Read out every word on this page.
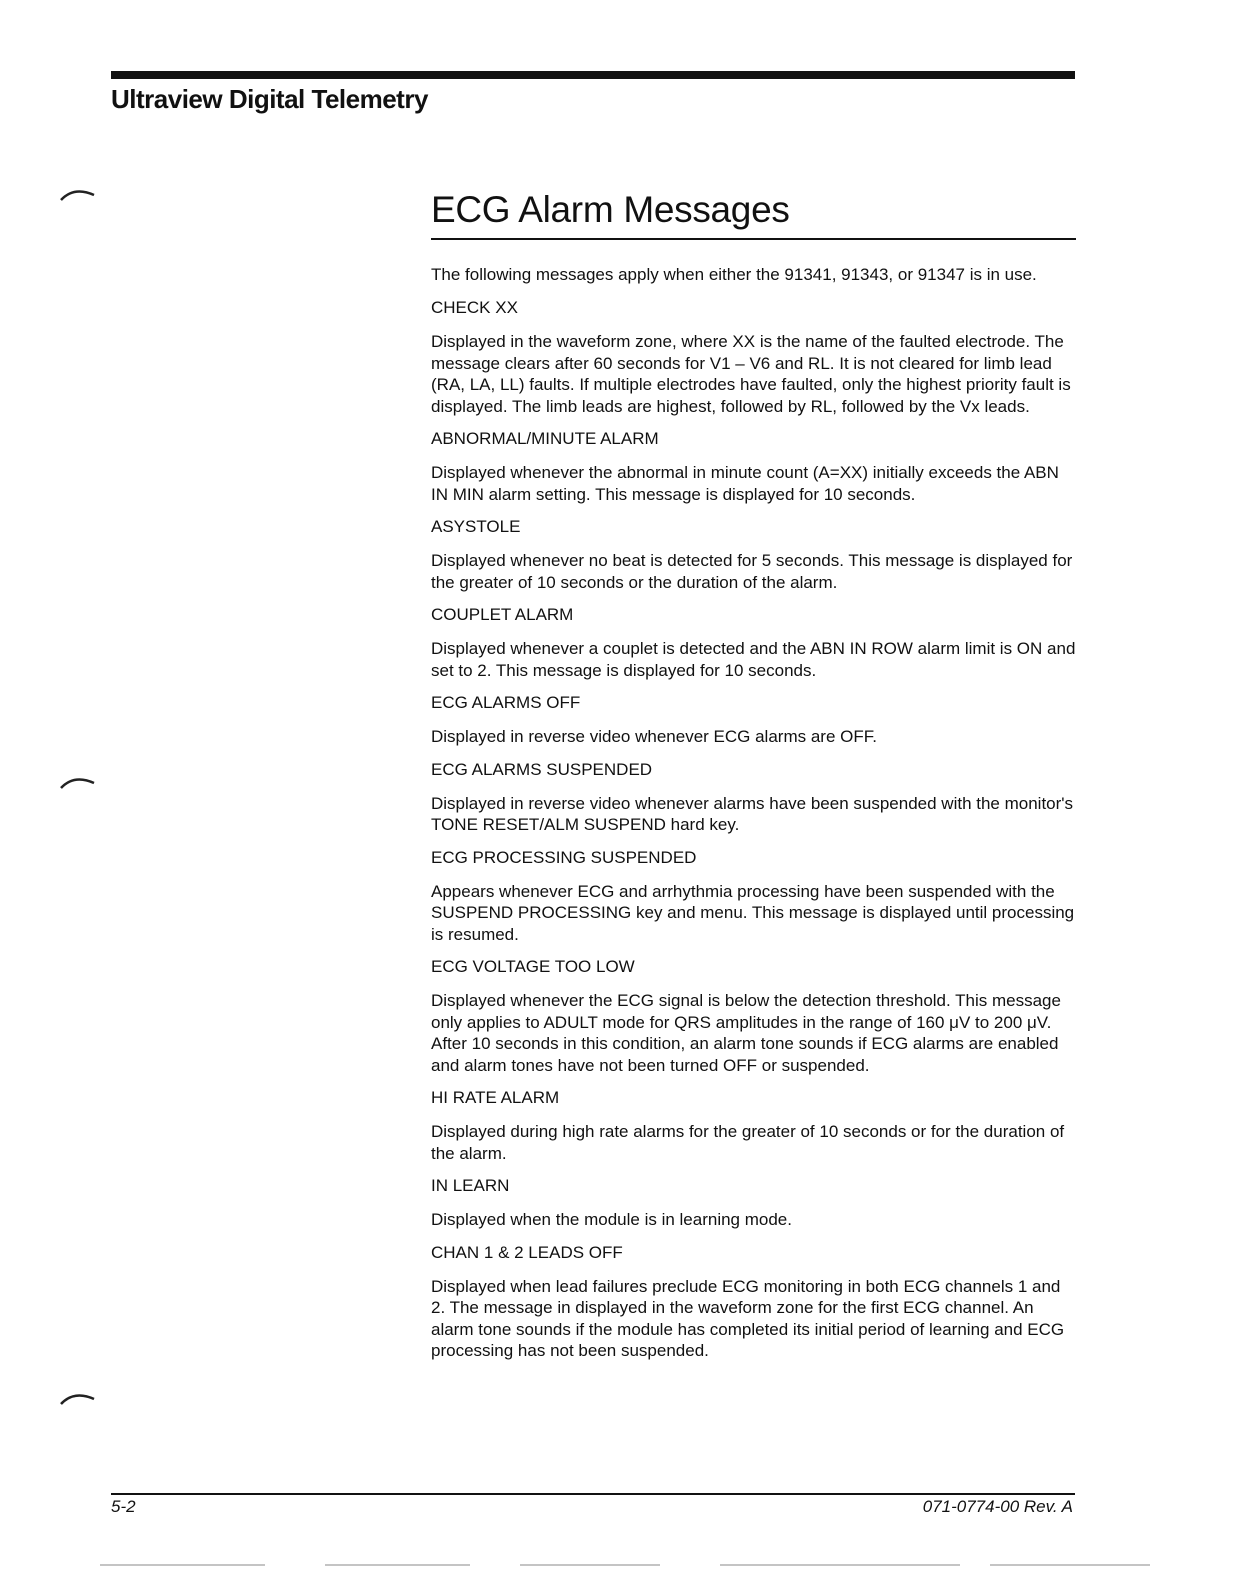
Ultraview Digital Telemetry
ECG Alarm Messages

The following messages apply when either the 91341, 91343, or 91347 is in use.

CHECK XX

Displayed in the waveform zone, where XX is the name of the faulted electrode. The message clears after 60 seconds for V1 – V6 and RL. It is not cleared for limb lead (RA, LA, LL) faults. If multiple electrodes have faulted, only the highest priority fault is displayed. The limb leads are highest, followed by RL, followed by the Vx leads.

ABNORMAL/MINUTE ALARM

Displayed whenever the abnormal in minute count (A=XX) initially exceeds the ABN IN MIN alarm setting. This message is displayed for 10 seconds.

ASYSTOLE

Displayed whenever no beat is detected for 5 seconds. This message is displayed for the greater of 10 seconds or the duration of the alarm.

COUPLET ALARM

Displayed whenever a couplet is detected and the ABN IN ROW alarm limit is ON and set to 2. This message is displayed for 10 seconds.

ECG ALARMS OFF

Displayed in reverse video whenever ECG alarms are OFF.

ECG ALARMS SUSPENDED

Displayed in reverse video whenever alarms have been suspended with the monitor's TONE RESET/ALM SUSPEND hard key.

ECG PROCESSING SUSPENDED

Appears whenever ECG and arrhythmia processing have been suspended with the SUSPEND PROCESSING key and menu. This message is displayed until processing is resumed.

ECG VOLTAGE TOO LOW

Displayed whenever the ECG signal is below the detection threshold. This message only applies to ADULT mode for QRS amplitudes in the range of 160 μV to 200 μV. After 10 seconds in this condition, an alarm tone sounds if ECG alarms are enabled and alarm tones have not been turned OFF or suspended.

HI RATE ALARM

Displayed during high rate alarms for the greater of 10 seconds or for the duration of the alarm.

IN LEARN

Displayed when the module is in learning mode.

CHAN 1 & 2 LEADS OFF

Displayed when lead failures preclude ECG monitoring in both ECG channels 1 and 2. The message in displayed in the waveform zone for the first ECG channel. An alarm tone sounds if the module has completed its initial period of learning and ECG processing has not been suspended.

5-2	071-0774-00 Rev. A
